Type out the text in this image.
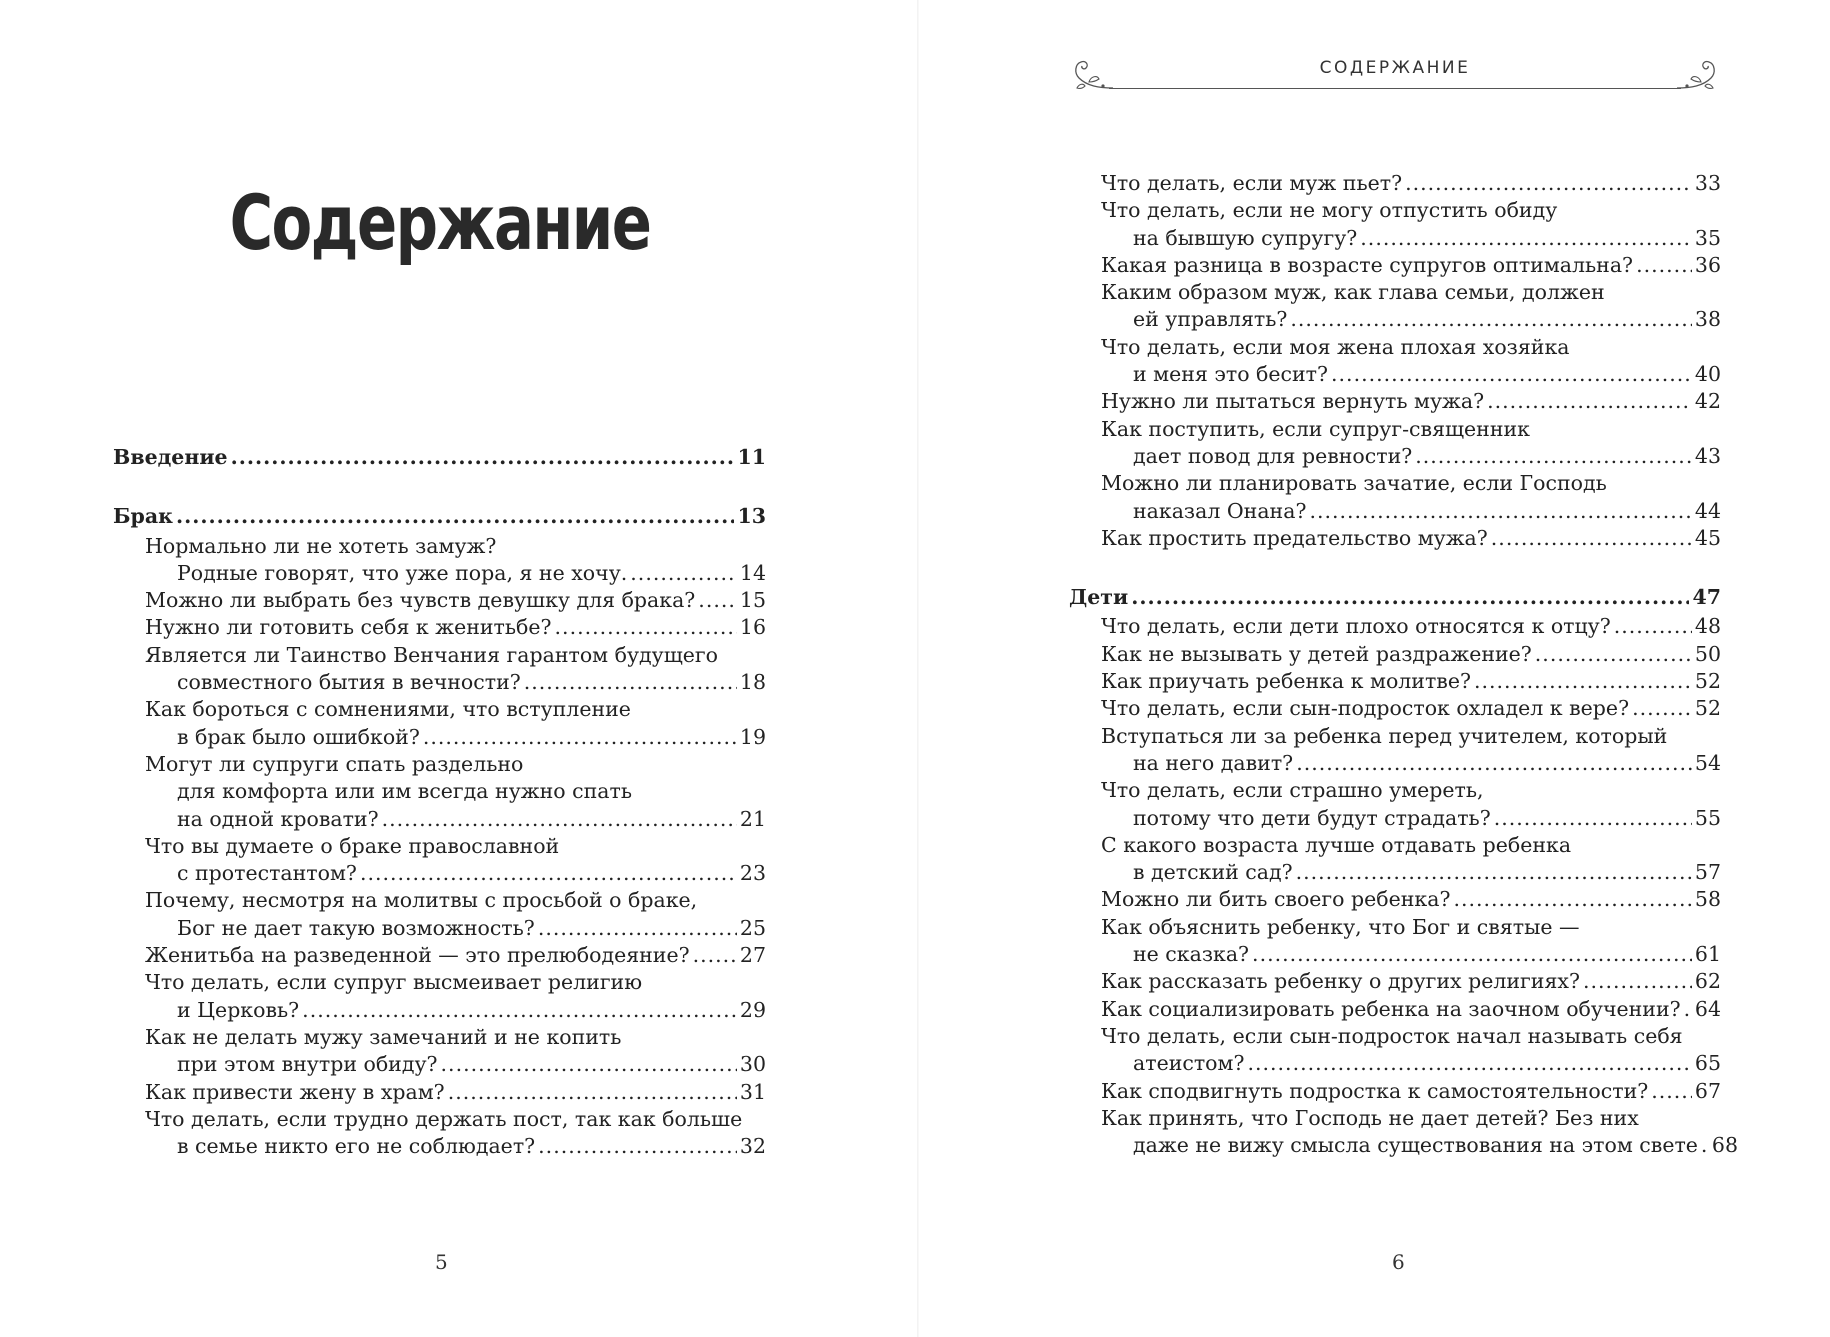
Содержание
Введение .....	11
Брак .....	13
Нормально ли не хотеть замуж?
Родные говорят, что уже пора, я не хочу. .....	14
Можно ли выбрать без чувств девушку для брака? ..... 15
Нужно ли готовить себя к женитьбе? .....	16
Является ли Таинство Венчания гарантом будущего
совместного бытия в вечности? .....	18
Как бороться с сомнениями, что вступление
в брак было ошибкой? .....	19
Могут ли супруги спать раздельно
для комфорта или им всегда нужно спать
на одной кровати? .....	21
Что вы думаете о браке православной
с протестантом? .....	23
Почему, несмотря на молитвы с просьбой о браке,
Бог не дает такую возможность? .....	25
Женитьба на разведенной — это прелюбодеяние? ..... 27
Что делать, если супруг высмеивает религию
и Церковь? .....	29
Как не делать мужу замечаний и не копить
при этом внутри обиду? .....	30
Как привести жену в храм? .....	31
Что делать, если трудно держать пост, так как больше
в семье никто его не соблюдает? .....	32
5
СОДЕРЖАНИЕ
Что делать, если муж пьет? .....	33
Что делать, если не могу отпустить обиду
на бывшую супругу? .....	35
Какая разница в возрасте супругов оптимальна? .....	36
Каким образом муж, как глава семьи, должен
ей управлять? .....	38
Что делать, если моя жена плохая хозяйка
и меня это бесит? .....	40
Нужно ли пытаться вернуть мужа? .....	42
Как поступить, если супруг-священник
дает повод для ревности? .....	43
Можно ли планировать зачатие, если Господь
наказал Онана? .....	44
Как простить предательство мужа? .....	45
Дети .....	47
Что делать, если дети плохо относятся к отцу? .....	48
Как не вызывать у детей раздражение? .....	50
Как приучать ребенка к молитве? .....	52
Что делать, если сын-подросток охладел к вере? .....	52
Вступаться ли за ребенка перед учителем, который
на него давит? .....	54
Что делать, если страшно умереть,
потому что дети будут страдать? .....	55
С какого возраста лучше отдавать ребенка
в детский сад? .....	57
Можно ли бить своего ребенка? .....	58
Как объяснить ребенку, что Бог и святые —
не сказка? .....	61
Как рассказать ребенку о других религиях? .....	62
Как социализировать ребенка на заочном обучении? ..... 64
Что делать, если сын-подросток начал называть себя
атеистом? .....	65
Как сподвигнуть подростка к самостоятельности? ..... 67
Как принять, что Господь не дает детей? Без них
даже не вижу смысла существования на этом свете ..... 68
6
